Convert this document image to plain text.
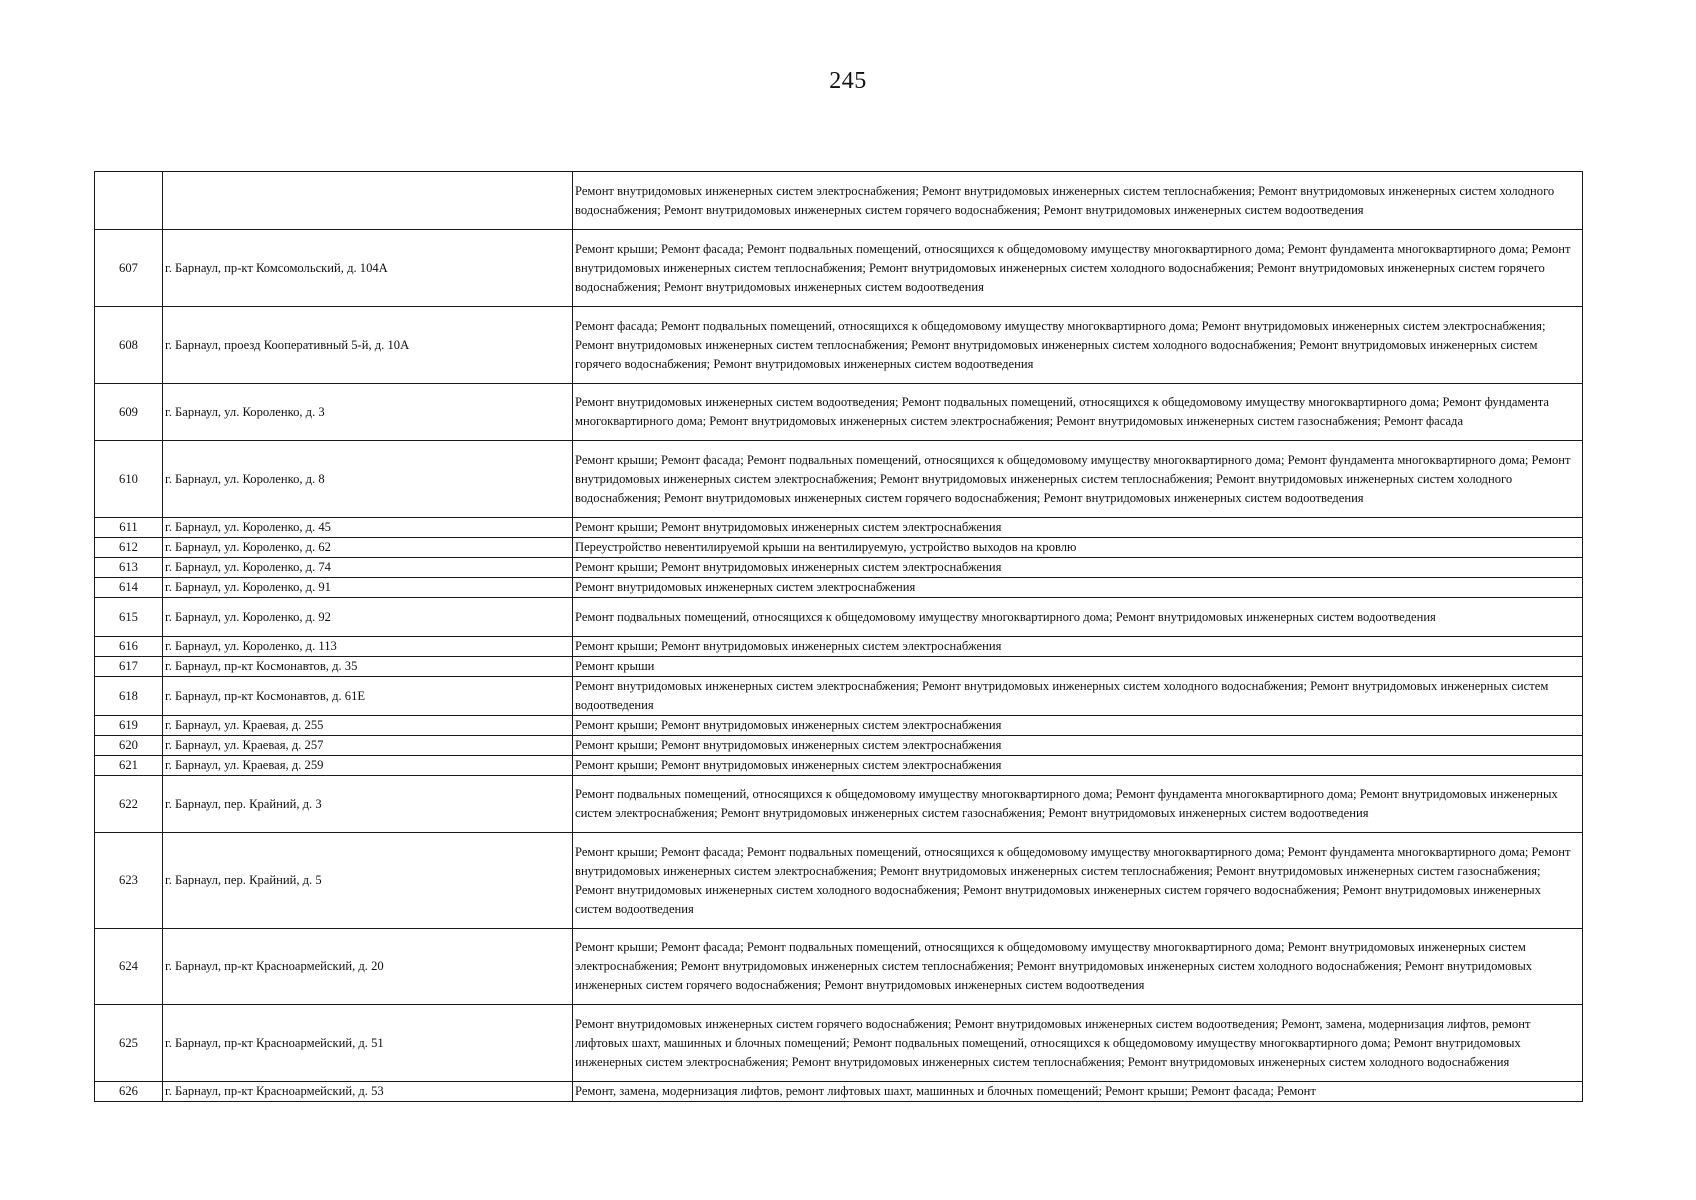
245
		Ремонт внутридомовых инженерных систем электроснабжения; Ремонт внутридомовых инженерных систем теплоснабжения; Ремонт внутридомовых инженерных систем холодного водоснабжения; Ремонт внутридомовых инженерных систем горячего водоснабжения; Ремонт внутридомовых инженерных систем водоотведения
607	г. Барнаул, пр-кт Комсомольский, д. 104А	Ремонт крыши; Ремонт фасада; Ремонт подвальных помещений, относящихся к общедомовому имуществу многоквартирного дома; Ремонт фундамента многоквартирного дома; Ремонт внутридомовых инженерных систем теплоснабжения; Ремонт внутридомовых инженерных систем холодного водоснабжения; Ремонт внутридомовых инженерных систем горячего водоснабжения; Ремонт внутридомовых инженерных систем водоотведения
608	г. Барнаул, проезд Кооперативный 5-й, д. 10А	Ремонт фасада; Ремонт подвальных помещений, относящихся к общедомовому имуществу многоквартирного дома; Ремонт внутридомовых инженерных систем электроснабжения; Ремонт внутридомовых инженерных систем теплоснабжения; Ремонт внутридомовых инженерных систем холодного водоснабжения; Ремонт внутридомовых инженерных систем горячего водоснабжения; Ремонт внутридомовых инженерных систем водоотведения
609	г. Барнаул, ул. Короленко, д. 3	Ремонт внутридомовых инженерных систем водоотведения; Ремонт подвальных помещений, относящихся к общедомовому имуществу многоквартирного дома; Ремонт фундамента многоквартирного дома; Ремонт внутридомовых инженерных систем электроснабжения; Ремонт внутридомовых инженерных систем газоснабжения; Ремонт фасада
610	г. Барнаул, ул. Короленко, д. 8	Ремонт крыши; Ремонт фасада; Ремонт подвальных помещений, относящихся к общедомовому имуществу многоквартирного дома; Ремонт фундамента многоквартирного дома; Ремонт внутридомовых инженерных систем электроснабжения; Ремонт внутридомовых инженерных систем теплоснабжения; Ремонт внутридомовых инженерных систем холодного водоснабжения; Ремонт внутридомовых инженерных систем горячего водоснабжения; Ремонт внутридомовых инженерных систем водоотведения
611	г. Барнаул, ул. Короленко, д. 45	Ремонт крыши; Ремонт внутридомовых инженерных систем электроснабжения
612	г. Барнаул, ул. Короленко, д. 62	Переустройство невентилируемой крыши на вентилируемую, устройство выходов на кровлю
613	г. Барнаул, ул. Короленко, д. 74	Ремонт крыши; Ремонт внутридомовых инженерных систем электроснабжения
614	г. Барнаул, ул. Короленко, д. 91	Ремонт внутридомовых инженерных систем электроснабжения
615	г. Барнаул, ул. Короленко, д. 92	Ремонт подвальных помещений, относящихся к общедомовому имуществу многоквартирного дома; Ремонт внутридомовых инженерных систем водоотведения
616	г. Барнаул, ул. Короленко, д. 113	Ремонт крыши; Ремонт внутридомовых инженерных систем электроснабжения
617	г. Барнаул, пр-кт Космонавтов, д. 35	Ремонт крыши
618	г. Барнаул, пр-кт Космонавтов, д. 61Е	Ремонт внутридомовых инженерных систем электроснабжения; Ремонт внутридомовых инженерных систем холодного водоснабжения; Ремонт внутридомовых инженерных систем водоотведения
619	г. Барнаул, ул. Краевая, д. 255	Ремонт крыши; Ремонт внутридомовых инженерных систем электроснабжения
620	г. Барнаул, ул. Краевая, д. 257	Ремонт крыши; Ремонт внутридомовых инженерных систем электроснабжения
621	г. Барнаул, ул. Краевая, д. 259	Ремонт крыши; Ремонт внутридомовых инженерных систем электроснабжения
622	г. Барнаул, пер. Крайний, д. 3	Ремонт подвальных помещений, относящихся к общедомовому имуществу многоквартирного дома; Ремонт фундамента многоквартирного дома; Ремонт внутридомовых инженерных систем электроснабжения; Ремонт внутридомовых инженерных систем газоснабжения; Ремонт внутридомовых инженерных систем водоотведения
623	г. Барнаул, пер. Крайний, д. 5	Ремонт крыши; Ремонт фасада; Ремонт подвальных помещений, относящихся к общедомовому имуществу многоквартирного дома; Ремонт фундамента многоквартирного дома; Ремонт внутридомовых инженерных систем электроснабжения; Ремонт внутридомовых инженерных систем теплоснабжения; Ремонт внутридомовых инженерных систем газоснабжения; Ремонт внутридомовых инженерных систем холодного водоснабжения; Ремонт внутридомовых инженерных систем горячего водоснабжения; Ремонт внутридомовых инженерных систем водоотведения
624	г. Барнаул, пр-кт Красноармейский, д. 20	Ремонт крыши; Ремонт фасада; Ремонт подвальных помещений, относящихся к общедомовому имуществу многоквартирного дома; Ремонт внутридомовых инженерных систем электроснабжения; Ремонт внутридомовых инженерных систем теплоснабжения; Ремонт внутридомовых инженерных систем холодного водоснабжения; Ремонт внутридомовых инженерных систем горячего водоснабжения; Ремонт внутридомовых инженерных систем водоотведения
625	г. Барнаул, пр-кт Красноармейский, д. 51	Ремонт внутридомовых инженерных систем горячего водоснабжения; Ремонт внутридомовых инженерных систем водоотведения; Ремонт, замена, модернизация лифтов, ремонт лифтовых шахт, машинных и блочных помещений; Ремонт подвальных помещений, относящихся к общедомовому имуществу многоквартирного дома; Ремонт внутридомовых инженерных систем электроснабжения; Ремонт внутридомовых инженерных систем теплоснабжения; Ремонт внутридомовых инженерных систем холодного водоснабжения
626	г. Барнаул, пр-кт Красноармейский, д. 53	Ремонт, замена, модернизация лифтов, ремонт лифтовых шахт, машинных и блочных помещений; Ремонт крыши; Ремонт фасада; Ремонт
